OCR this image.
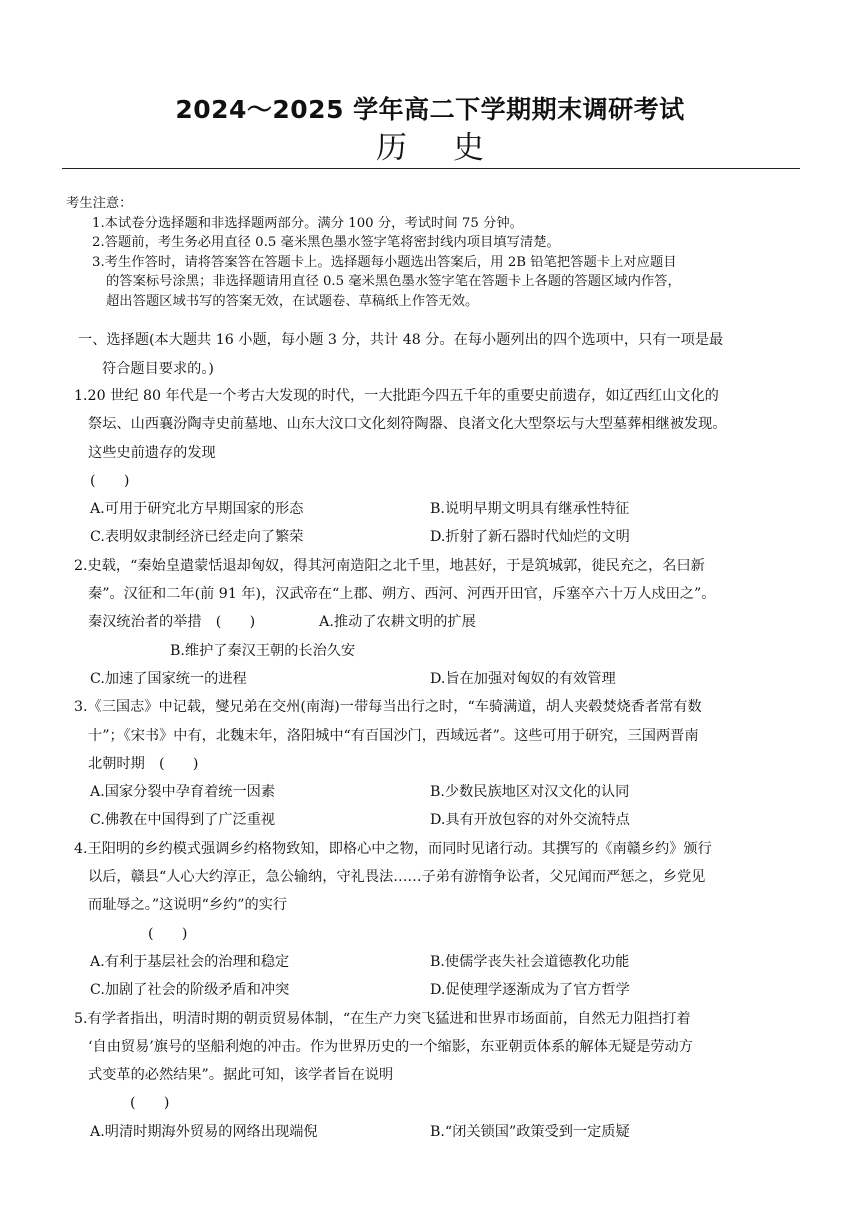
2024～2025 学年高二下学期期末调研考试
历史

考生注意：

1.本试卷分选择题和非选择题两部分。满分 100 分，考试时间 75 分钟。

2.答题前，考生务必用直径 0.5 毫米黑色墨水签字笔将密封线内项目填写清楚。

3.考生作答时，请将答案答在答题卡上。选择题每小题选出答案后，用 2B 铅笔把答题卡上对应题目

的答案标号涂黑；非选择题请用直径 0.5 毫米黑色墨水签字笔在答题卡上各题的答题区域内作答，

超出答题区域书写的答案无效，在试题卷、草稿纸上作答无效。

一、选择题(本大题共 16 小题，每小题 3 分，共计 48 分。在每小题列出的四个选项中，只有一项是最
符合题目要求的。)

1.20 世纪 80 年代是一个考古大发现的时代，一大批距今四五千年的重要史前遗存，如辽西红山文化的

祭坛、山西襄汾陶寺史前墓地、山东大汶口文化刻符陶器、良渚文化大型祭坛与大型墓葬相继被发现。

这些史前遗存的发现

(　　)

A.可用于研究北方早期国家的形态	B.说明早期文明具有继承性特征
C.表明奴隶制经济已经走向了繁荣	D.折射了新石器时代灿烂的文明

2.史载，“秦始皇遣蒙恬退却匈奴，得其河南造阳之北千里，地甚好，于是筑城郭，徙民充之，名曰新

秦”。汉征和二年(前 91 年)，汉武帝在“上郡、朔方、西河、河西开田官，斥塞卒六十万人戍田之”。

秦汉统治者的举措　(　　)	A.推动了农耕文明的扩展

B.维护了秦汉王朝的长治久安

C.加速了国家统一的进程	D.旨在加强对匈奴的有效管理

3.《三国志》中记载，燮兄弟在交州(南海)一带每当出行之时，“车骑满道，胡人夹毂焚烧香者常有数

十”；《宋书》中有，北魏末年，洛阳城中“有百国沙门，西域远者”。这些可用于研究，三国两晋南

北朝时期　(　　)

A.国家分裂中孕育着统一因素	B.少数民族地区对汉文化的认同
C.佛教在中国得到了广泛重视	D.具有开放包容的对外交流特点

4.王阳明的乡约模式强调乡约格物致知，即格心中之物，而同时见诸行动。其撰写的《南赣乡约》颁行

以后，赣县“人心大约淳正，急公输纳，守礼畏法……子弟有游惰争讼者，父兄闻而严惩之，乡党见

而耻辱之。”这说明“乡约”的实行

(　　)

A.有利于基层社会的治理和稳定	B.使儒学丧失社会道德教化功能
C.加剧了社会的阶级矛盾和冲突	D.促使理学逐渐成为了官方哲学

5.有学者指出，明清时期的朝贡贸易体制，“在生产力突飞猛进和世界市场面前，自然无力阻挡打着

‘自由贸易’旗号的坚船利炮的冲击。作为世界历史的一个缩影，东亚朝贡体系的解体无疑是劳动方

式变革的必然结果”。据此可知，该学者旨在说明

(　　)

A.明清时期海外贸易的网络出现端倪	B.“闭关锁国”政策受到一定质疑
